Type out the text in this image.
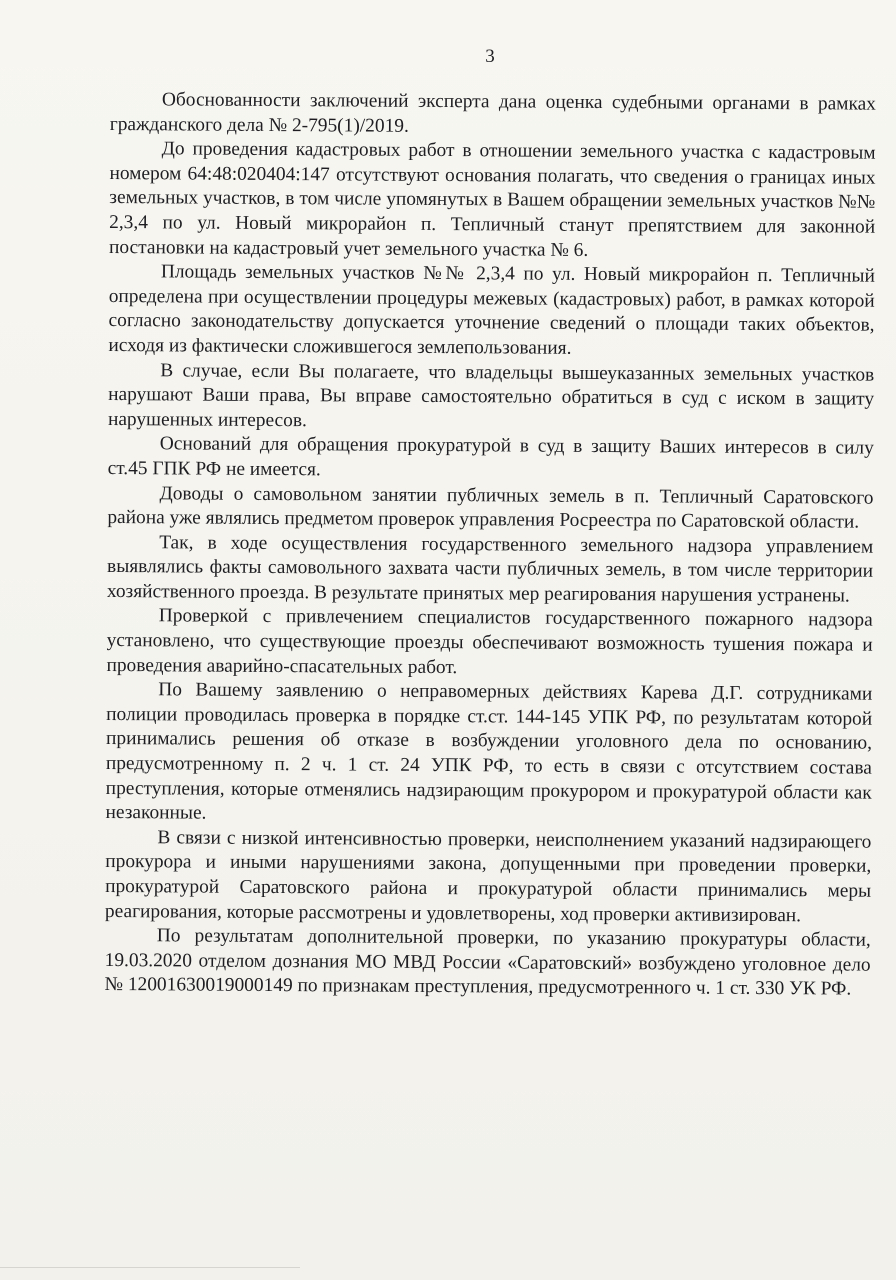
3

Обоснованности заключений эксперта дана оценка судебными органами в рамках гражданского дела № 2-795(1)/2019.

До проведения кадастровых работ в отношении земельного участка с кадастровым номером 64:48:020404:147 отсутствуют основания полагать, что сведения о границах иных земельных участков, в том числе упомянутых в Вашем обращении земельных участков №№ 2,3,4 по ул. Новый микрорайон п. Тепличный станут препятствием для законной постановки на кадастровый учет земельного участка № 6.

Площадь земельных участков №№ 2,3,4 по ул. Новый микрорайон п. Тепличный определена при осуществлении процедуры межевых (кадастровых) работ, в рамках которой согласно законодательству допускается уточнение сведений о площади таких объектов, исходя из фактически сложившегося землепользования.

В случае, если Вы полагаете, что владельцы вышеуказанных земельных участков нарушают Ваши права, Вы вправе самостоятельно обратиться в суд с иском в защиту нарушенных интересов.

Оснований для обращения прокуратурой в суд в защиту Ваших интересов в силу ст.45 ГПК РФ не имеется.

Доводы о самовольном занятии публичных земель в п. Тепличный Саратовского района уже являлись предметом проверок управления Росреестра по Саратовской области.

Так, в ходе осуществления государственного земельного надзора управлением выявлялись факты самовольного захвата части публичных земель, в том числе территории хозяйственного проезда. В результате принятых мер реагирования нарушения устранены.

Проверкой с привлечением специалистов государственного пожарного надзора установлено, что существующие проезды обеспечивают возможность тушения пожара и проведения аварийно-спасательных работ.

По Вашему заявлению о неправомерных действиях Карева Д.Г. сотрудниками полиции проводилась проверка в порядке ст.ст. 144-145 УПК РФ, по результатам которой принимались решения об отказе в возбуждении уголовного дела по основанию, предусмотренному п. 2 ч. 1 ст. 24 УПК РФ, то есть в связи с отсутствием состава преступления, которые отменялись надзирающим прокурором и прокуратурой области как незаконные.

В связи с низкой интенсивностью проверки, неисполнением указаний надзирающего прокурора и иными нарушениями закона, допущенными при проведении проверки, прокуратурой Саратовского района и прокуратурой области принимались меры реагирования, которые рассмотрены и удовлетворены, ход проверки активизирован.

По результатам дополнительной проверки, по указанию прокуратуры области, 19.03.2020 отделом дознания МО МВД России «Саратовский» возбуждено уголовное дело № 12001630019000149 по признакам преступления, предусмотренного ч. 1 ст. 330 УК РФ.
